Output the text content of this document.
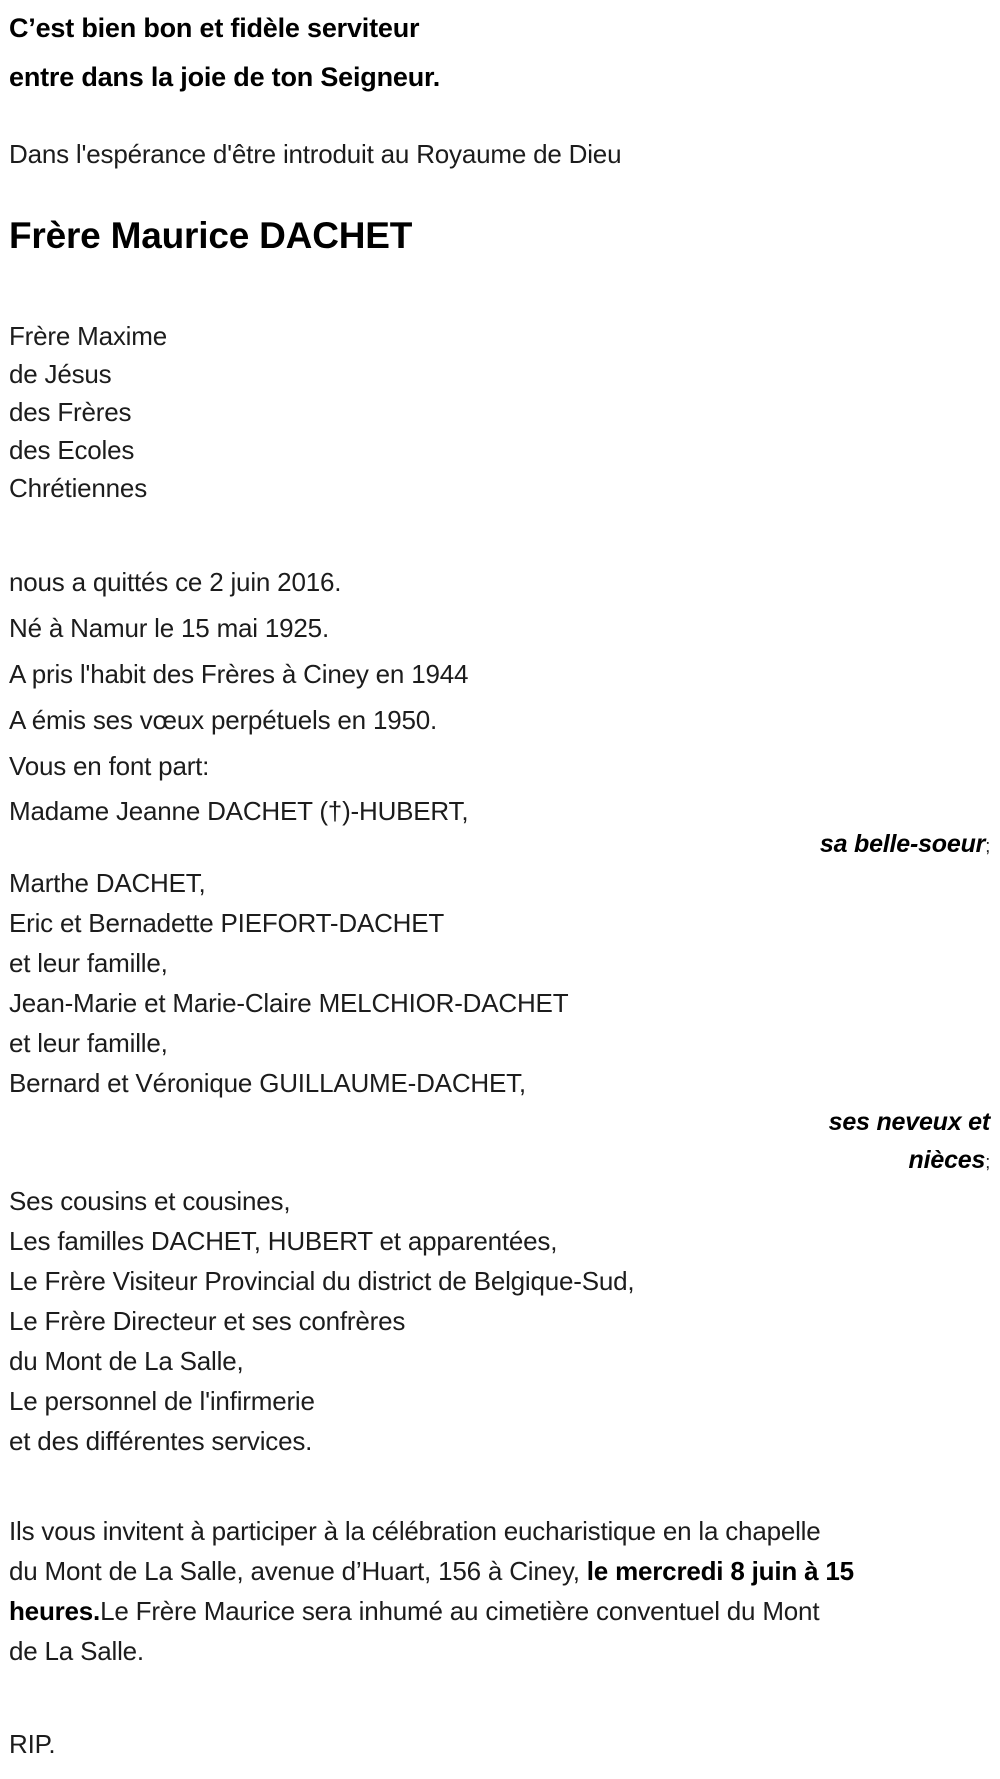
C’est bien bon et fidèle serviteur
entre dans la joie de ton Seigneur.
Dans l'espérance d'être introduit au Royaume de Dieu
Frère Maurice DACHET
Frère Maxime
de Jésus
des Frères
des Ecoles
Chrétiennes
nous a quittés ce 2 juin 2016.
Né à Namur le 15 mai 1925.
A pris l'habit des Frères à Ciney en 1944
A émis ses vœux perpétuels en 1950.
Vous en font part:
Madame Jeanne DACHET (†)-HUBERT,
sa belle-soeur;
Marthe DACHET,
Eric et Bernadette PIEFORT-DACHET
et leur famille,
Jean-Marie et Marie-Claire MELCHIOR-DACHET
et leur famille,
Bernard et Véronique GUILLAUME-DACHET,
ses neveux et
nièces;
Ses cousins et cousines,
Les familles DACHET, HUBERT et apparentées,
Le Frère Visiteur Provincial du district de Belgique-Sud,
Le Frère Directeur et ses confrères
du Mont de La Salle,
Le personnel de l'infirmerie
et des différentes services.
Ils vous invitent à participer à la célébration eucharistique en la chapelle
du Mont de La Salle, avenue d’Huart, 156 à Ciney, le mercredi 8 juin à 15
heures.Le Frère Maurice sera inhumé au cimetière conventuel du Mont
de La Salle.
RIP.
